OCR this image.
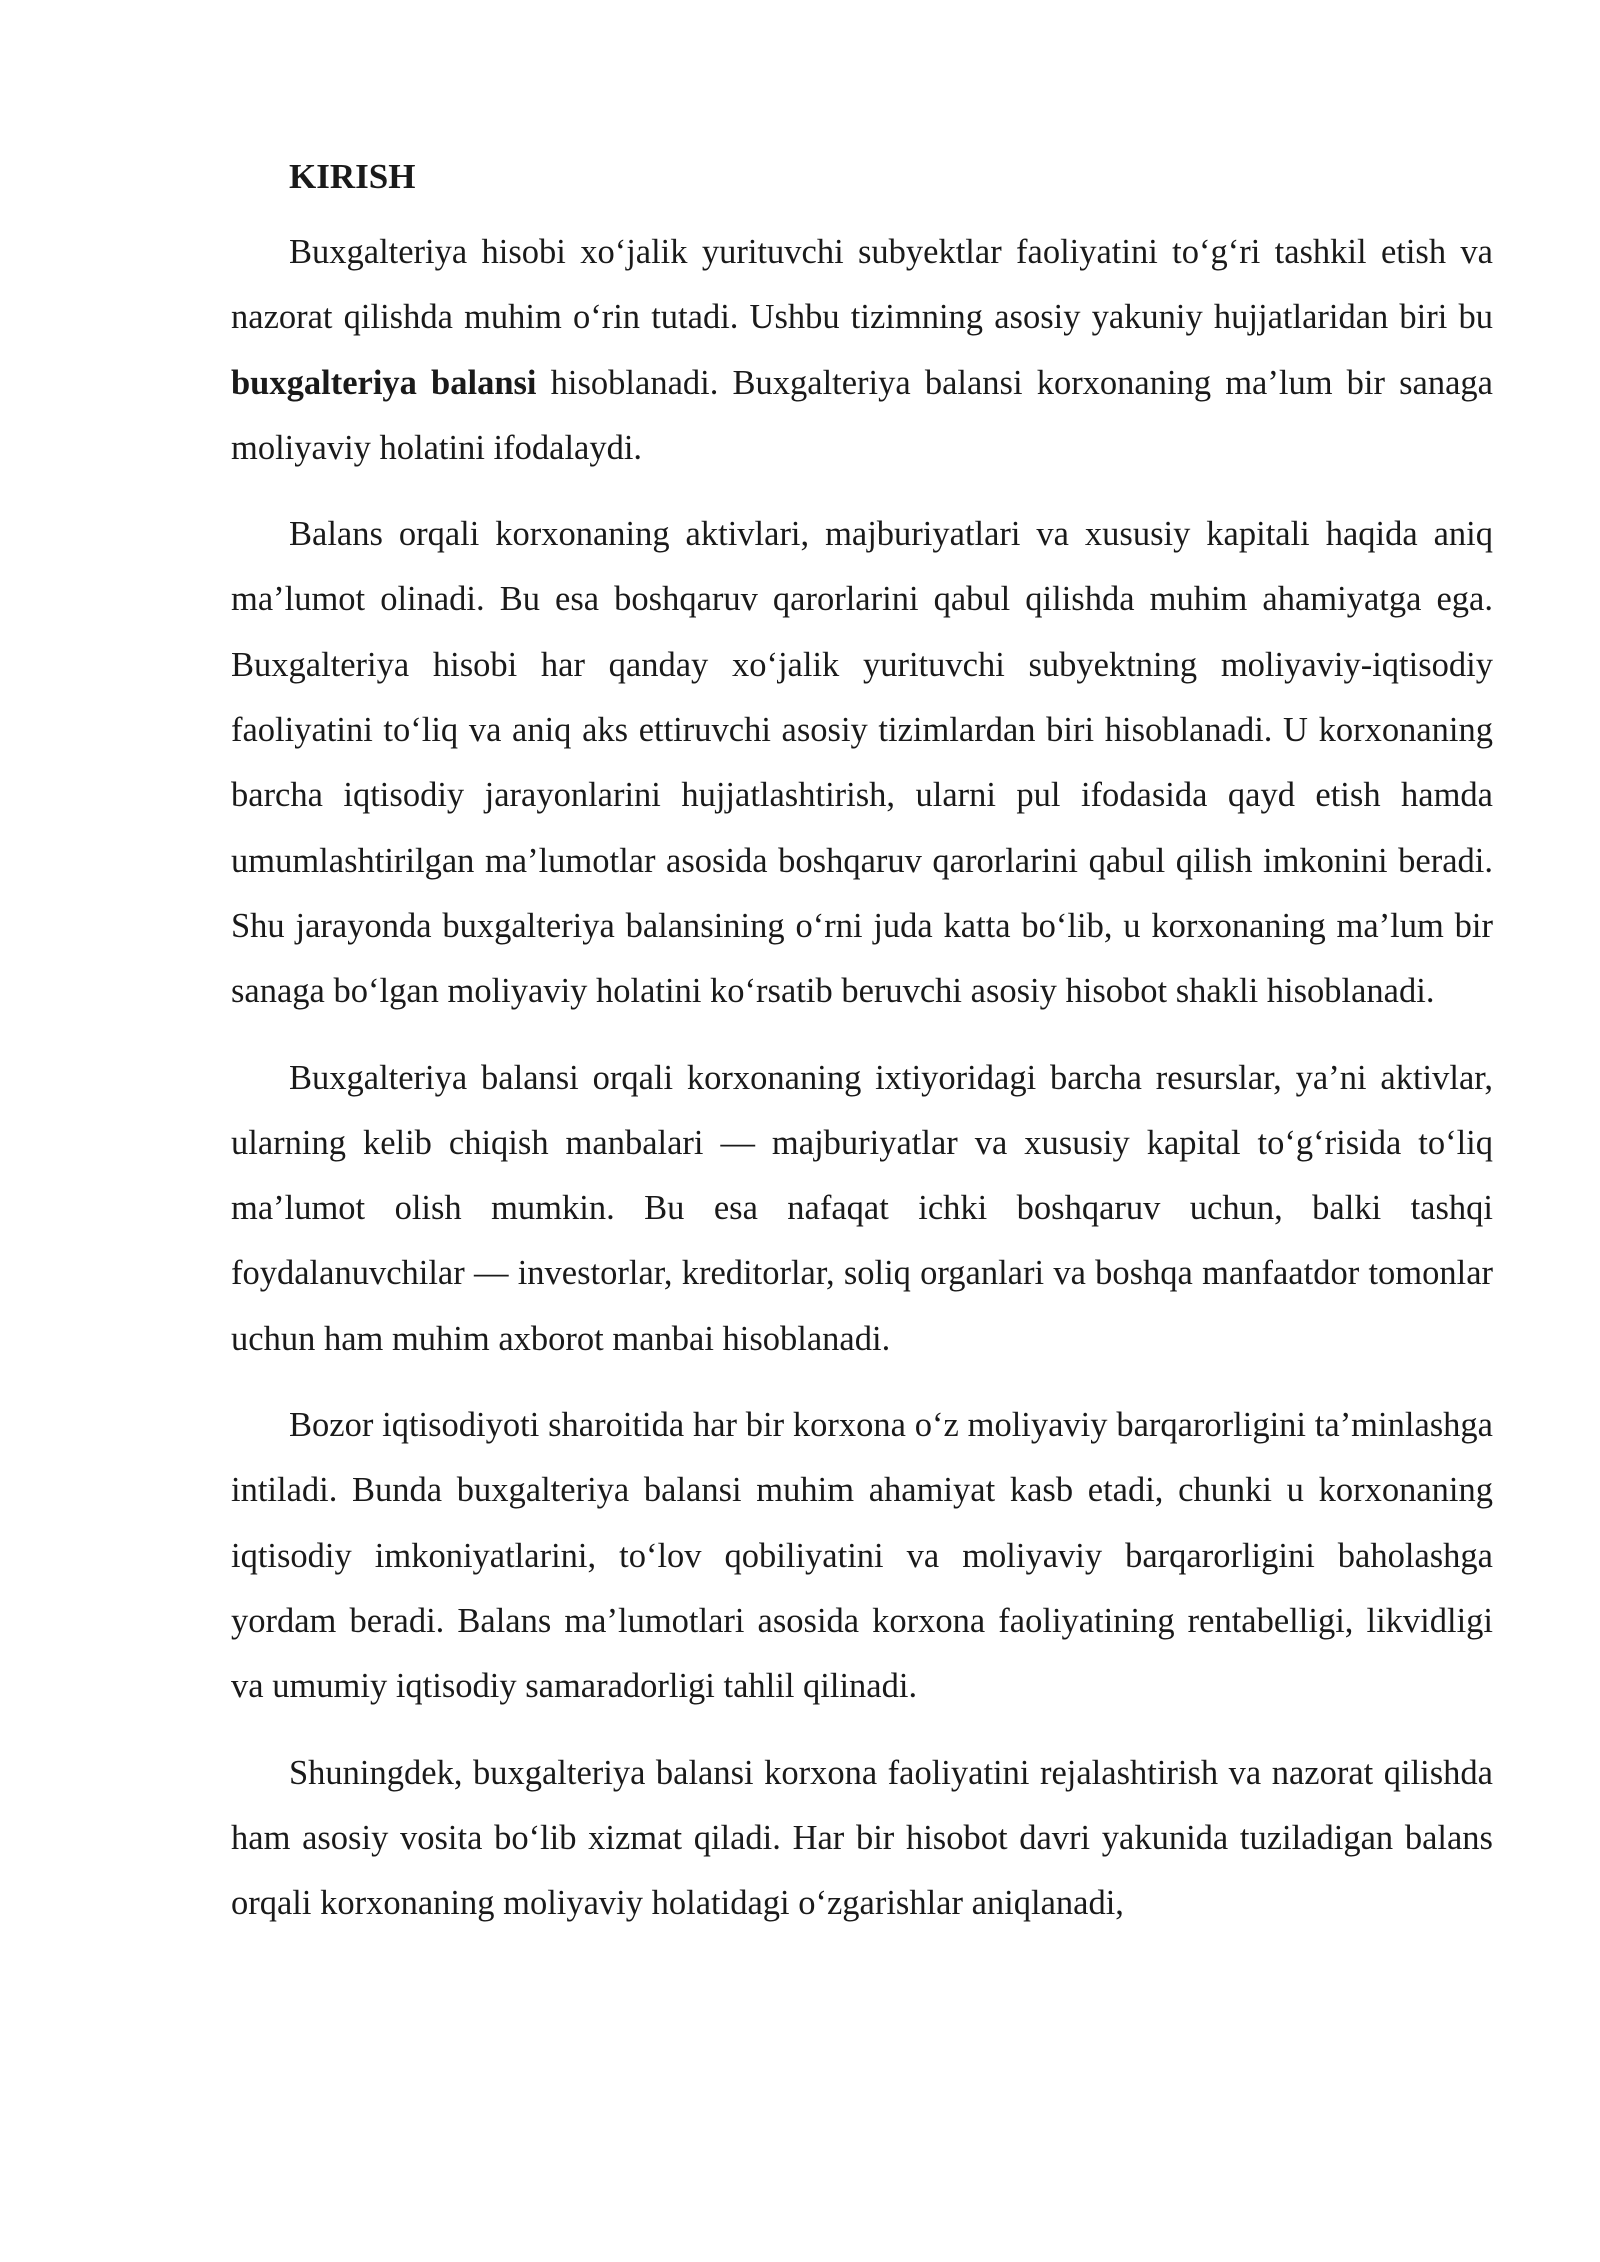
KIRISH

Buxgalteriya hisobi xo‘jalik yurituvchi subyektlar faoliyatini to‘g‘ri tashkil etish va nazorat qilishda muhim o‘rin tutadi. Ushbu tizimning asosiy yakuniy hujjatlaridan biri bu buxgalteriya balansi hisoblanadi. Buxgalteriya balansi korxonaning ma’lum bir sanaga moliyaviy holatini ifodalaydi.

Balans orqali korxonaning aktivlari, majburiyatlari va xususiy kapitali haqida aniq ma’lumot olinadi. Bu esa boshqaruv qarorlarini qabul qilishda muhim ahamiyatga ega. Buxgalteriya hisobi har qanday xo‘jalik yurituvchi subyektning moliyaviy-iqtisodiy faoliyatini to‘liq va aniq aks ettiruvchi asosiy tizimlardan biri hisoblanadi. U korxonaning barcha iqtisodiy jarayonlarini hujjatlashtirish, ularni pul ifodasida qayd etish hamda umumlashtirilgan ma’lumotlar asosida boshqaruv qarorlarini qabul qilish imkonini beradi. Shu jarayonda buxgalteriya balansining o‘rni juda katta bo‘lib, u korxonaning ma’lum bir sanaga bo‘lgan moliyaviy holatini ko‘rsatib beruvchi asosiy hisobot shakli hisoblanadi.

Buxgalteriya balansi orqali korxonaning ixtiyoridagi barcha resurslar, ya’ni aktivlar, ularning kelib chiqish manbalari — majburiyatlar va xususiy kapital to‘g‘risida to‘liq ma’lumot olish mumkin. Bu esa nafaqat ichki boshqaruv uchun, balki tashqi foydalanuvchilar — investorlar, kreditorlar, soliq organlari va boshqa manfaatdor tomonlar uchun ham muhim axborot manbai hisoblanadi.

Bozor iqtisodiyoti sharoitida har bir korxona o‘z moliyaviy barqarorligini ta’minlashga intiladi. Bunda buxgalteriya balansi muhim ahamiyat kasb etadi, chunki u korxonaning iqtisodiy imkoniyatlarini, to‘lov qobiliyatini va moliyaviy barqarorligini baholashga yordam beradi. Balans ma’lumotlari asosida korxona faoliyatining rentabelligi, likvidligi va umumiy iqtisodiy samaradorligi tahlil qilinadi.

Shuningdek, buxgalteriya balansi korxona faoliyatini rejalashtirish va nazorat qilishda ham asosiy vosita bo‘lib xizmat qiladi. Har bir hisobot davri yakunida tuziladigan balans orqali korxonaning moliyaviy holatidagi o‘zgarishlar aniqlanadi,
